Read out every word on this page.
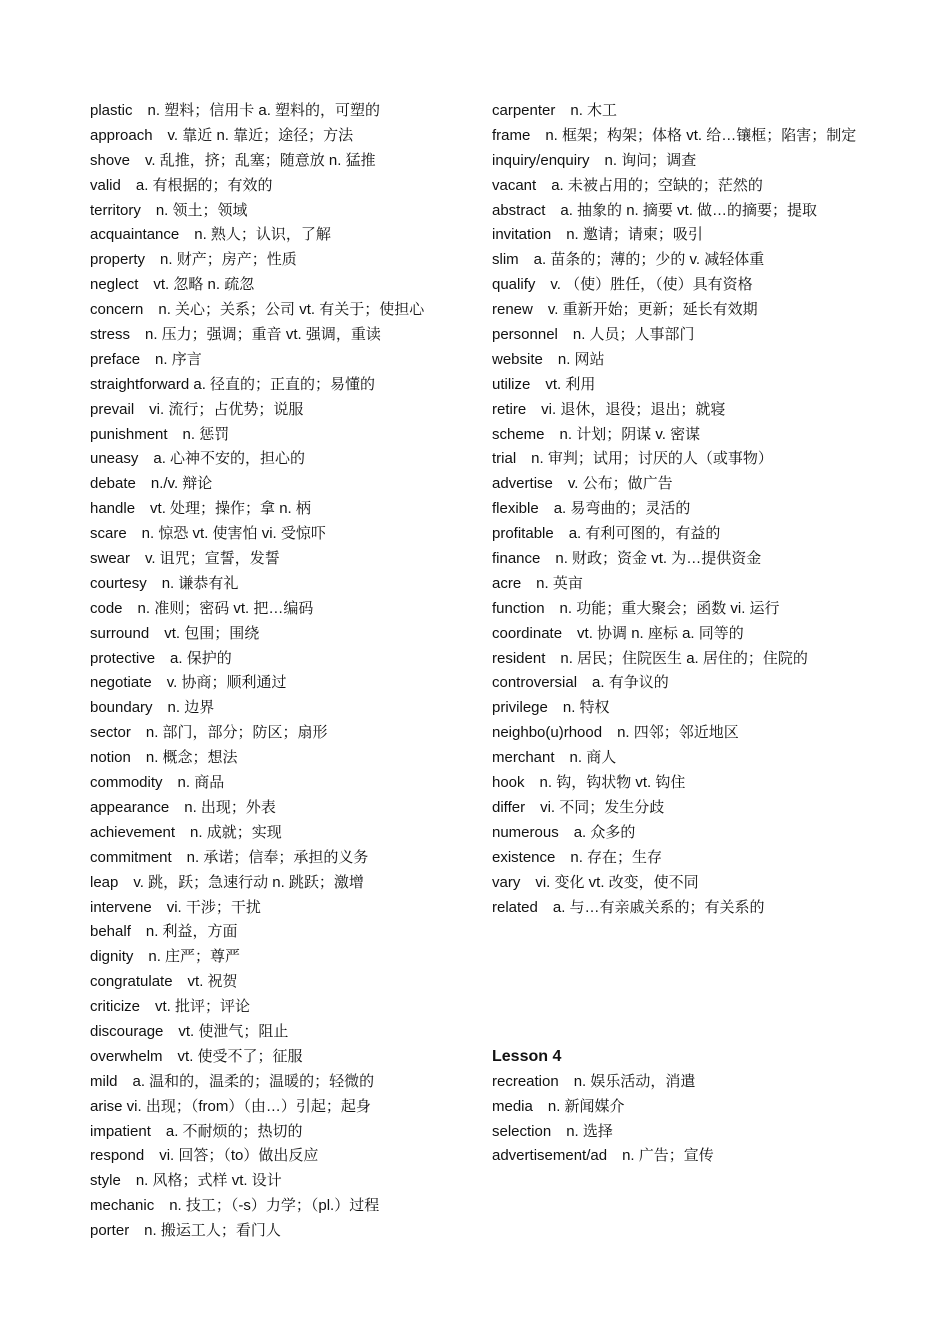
plastic　n. 塑料；信用卡 a. 塑料的，可塑的
approach　v. 靠近 n. 靠近；途径；方法
shove　v. 乱推，挤；乱塞；随意放 n. 猛推
valid　a. 有根据的；有效的
territory　n. 领土；领域
acquaintance　n. 熟人；认识，了解
property　n. 财产；房产；性质
neglect　vt. 忽略 n. 疏忽
concern　n. 关心；关系；公司 vt. 有关于；使担心
stress　n. 压力；强调；重音 vt. 强调，重读
preface　n. 序言
straightforward a. 径直的；正直的；易懂的
prevail　vi. 流行；占优势；说服
punishment　n. 惩罚
uneasy　a. 心神不安的，担心的
debate　n./v. 辩论
handle　vt. 处理；操作；拿 n. 柄
scare　n. 惊恐 vt. 使害怕 vi. 受惊吓
swear　v. 诅咒；宣誓，发誓
courtesy　n. 谦恭有礼
code　n. 准则；密码 vt. 把…编码
surround　vt. 包围；围绕
protective　a. 保护的
negotiate　v. 协商；顺利通过
boundary　n. 边界
sector　n. 部门，部分；防区；扇形
notion　n. 概念；想法
commodity　n. 商品
appearance　n. 出现；外表
achievement　n. 成就；实现
commitment　n. 承诺；信奉；承担的义务
leap　v. 跳，跃；急速行动 n. 跳跃；激增
intervene　vi. 干涉；干扰
behalf　n. 利益，方面
dignity　n. 庄严；尊严
congratulate　vt. 祝贺
criticize　vt. 批评；评论
discourage　vt. 使泄气；阻止
overwhelm　vt. 使受不了；征服
mild　a. 温和的，温柔的；温暖的；轻微的
arise vi. 出现；（from）（由…）引起；起身
impatient　a. 不耐烦的；热切的
respond　vi. 回答；（to）做出反应
style　n. 风格；式样 vt. 设计
mechanic　n. 技工；（-s）力学；（pl.）过程
porter　n. 搬运工人；看门人
carpenter　n. 木工
frame　n. 框架；构架；体格 vt. 给…镶框；陷害；制定
inquiry/enquiry　n. 询问；调查
vacant　a. 未被占用的；空缺的；茫然的
abstract　a. 抽象的 n. 摘要 vt. 做…的摘要；提取
invitation　n. 邀请；请柬；吸引
slim　a. 苗条的；薄的；少的 v. 减轻体重
qualify　v. （使）胜任，（使）具有资格
renew　v. 重新开始；更新；延长有效期
personnel　n. 人员；人事部门
website　n. 网站
utilize　vt. 利用
retire　vi. 退休，退役；退出；就寝
scheme　n. 计划；阴谋 v. 密谋
trial　n. 审判；试用；讨厌的人（或事物）
advertise　v. 公布；做广告
flexible　a. 易弯曲的；灵活的
profitable　a. 有利可图的，有益的
finance　n. 财政；资金 vt. 为…提供资金
acre　n. 英亩
function　n. 功能；重大聚会；函数 vi. 运行
coordinate　vt. 协调 n. 座标 a. 同等的
resident　n. 居民；住院医生 a. 居住的；住院的
controversial　a. 有争议的
privilege　n. 特权
neighbo(u)rhood　n. 四邻；邻近地区
merchant　n. 商人
hook　n. 钩，钩状物 vt. 钩住
differ　vi. 不同；发生分歧
numerous　a. 众多的
existence　n. 存在；生存
vary　vi. 变化 vt. 改变，使不同
related　a. 与…有亲戚关系的；有关系的
Lesson 4
recreation　n. 娱乐活动，消遣
media　n. 新闻媒介
selection　n. 选择
advertisement/ad　n. 广告；宣传
